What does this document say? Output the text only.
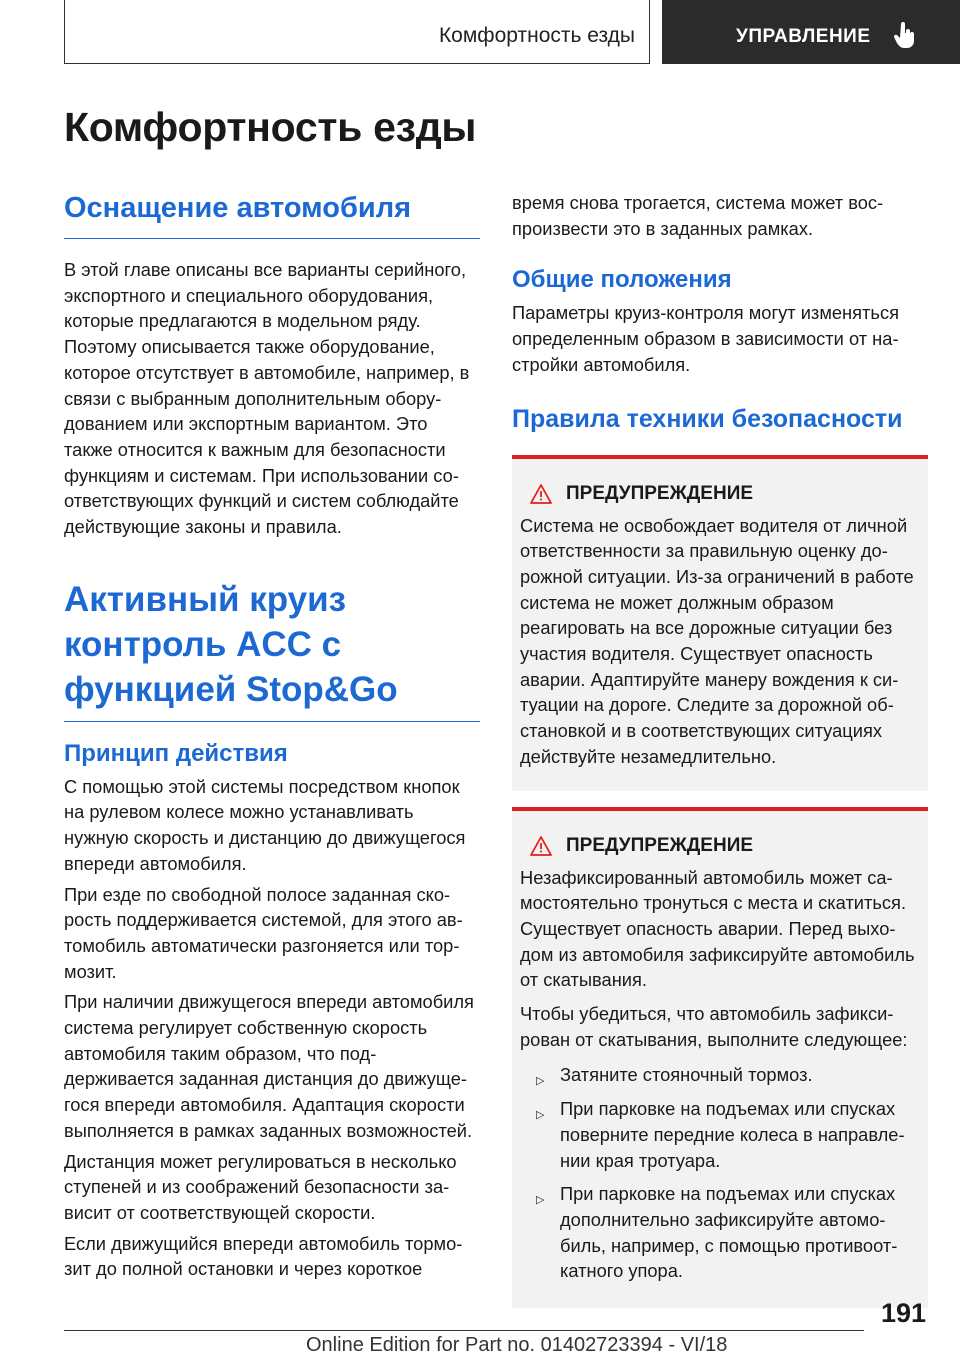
Комфортность езды	УПРАВЛЕНИЕ
Комфортность езды
Оснащение автомобиля

В этой главе описаны все варианты серийного, экспортного и специального оборудования, которые предлагаются в модельном ряду. Поэтому описывается также оборудование, которое отсутствует в автомобиле, например, в связи с выбранным дополнительным оборудованием или экспортным вариантом. Это также относится к важным для безопасности функциям и системам. При использовании соответствующих функций и систем соблюдайте действующие законы и правила.

Активный круиз контроль ACC с функцией Stop&Go
Принцип действия

С помощью этой системы посредством кнопок на рулевом колесе можно устанавливать нужную скорость и дистанцию до движущегося впереди автомобиля.

При езде по свободной полосе заданная скорость поддерживается системой, для этого автомобиль автоматически разгоняется или тормозит.

При наличии движущегося впереди автомобиля система регулирует собственную скорость автомобиля таким образом, что поддерживается заданная дистанция до движущегося впереди автомобиля. Адаптация скорости выполняется в рамках заданных возможностей.

Дистанция может регулироваться в несколько ступеней и из соображений безопасности зависит от соответствующей скорости.

Если движущийся впереди автомобиль тормозит до полной остановки и через короткое

время снова трогается, система может воспроизвести это в заданных рамках.

Общие положения

Параметры круиз-контроля могут изменяться определенным образом в зависимости от настройки автомобиля.

Правила техники безопасности
ПРЕДУПРЕЖДЕНИЕ

Система не освобождает водителя от личной ответственности за правильную оценку дорожной ситуации. Из-за ограничений в работе система не может должным образом реагировать на все дорожные ситуации без участия водителя. Существует опасность аварии. Адаптируйте манеру вождения к ситуации на дороге. Следите за дорожной обстановкой и в соответствующих ситуациях действуйте незамедлительно.

ПРЕДУПРЕЖДЕНИЕ

Незафиксированный автомобиль может самостоятельно тронуться с места и скатиться. Существует опасность аварии. Перед выходом из автомобиля зафиксируйте автомобиль от скатывания.

Чтобы убедиться, что автомобиль зафиксирован от скатывания, выполните следующее:

▷ Затяните стояночный тормоз.
▷ При парковке на подъемах или спусках поверните передние колеса в направлении края тротуара.
▷ При парковке на подъемах или спусках дополнительно зафиксируйте автомобиль, например, с помощью противооткатного упора.
191
Online Edition for Part no. 01402723394 - VI/18
